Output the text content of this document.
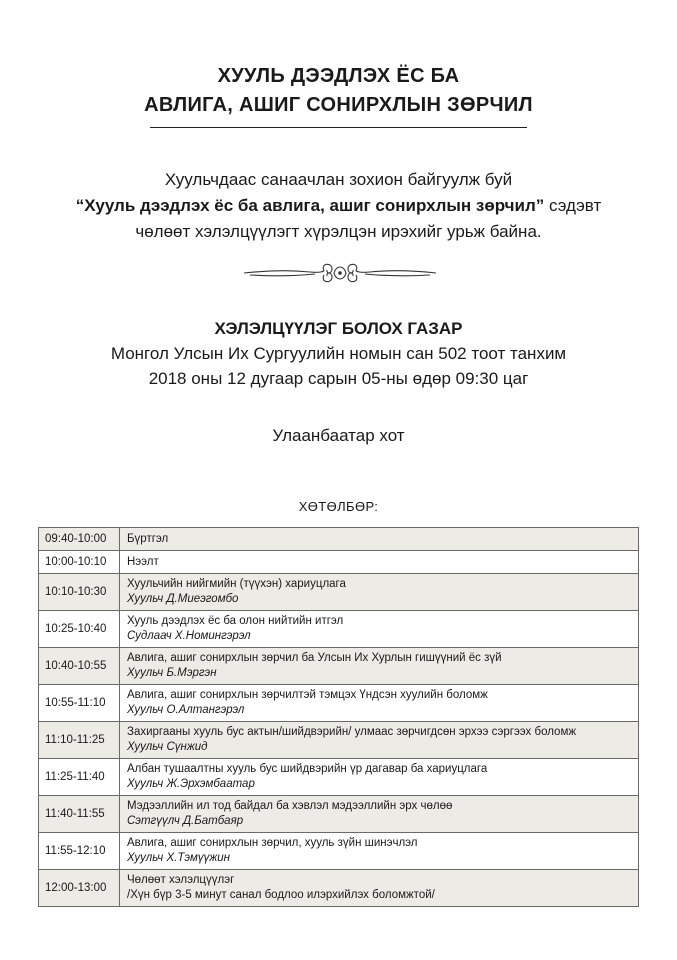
ХУУЛЬ ДЭЭДЛЭХ ЁС БА
АВЛИГА, АШИГ СОНИРХЛЫН ЗӨРЧИЛ
Хуульчдаас санаачлан зохион байгуулж буй
“Хууль дээдлэх ёс ба авлига, ашиг сонирхлын зөрчил” сэдэвт
чөлөөт хэлэлцүүлэгт хүрэлцэн ирэхийг урьж байна.
ХЭЛЭЛЦҮҮЛЭГ БОЛОХ ГАЗАР
Монгол Улсын Их Сургуулийн номын сан 502 тоот танхим
2018 оны 12 дугаар сарын 05-ны өдөр 09:30 цаг
Улаанбаатар хот
ХӨТӨЛБӨР:
09:40-10:00	Бүртгэл
10:00-10:10	Нээлт
10:10-10:30	Хуульчийн нийгмийн (түүхэн) хариуцлага
Хуульч Д.Миеэгомбо

10:25-10:40	Хууль дээдлэх ёс ба олон нийтийн итгэл
Судлаач Х.Номингэрэл

10:40-10:55	Авлига, ашиг сонирхлын зөрчил ба Улсын Их Хурлын гишүүний ёс зүй
Хуульч Б.Мэргэн

10:55-11:10	Авлига, ашиг сонирхлын зөрчилтэй тэмцэх Үндсэн хуулийн боломж
Хуульч О.Алтангэрэл

11:10-11:25	Захиргааны хууль бус актын/шийдвэрийн/ улмаас зөрчигдсөн эрхээ сэргээх боломж
Хуульч Сүнжид

11:25-11:40	Албан тушаалтны хууль бус шийдвэрийн үр дагавар ба хариуцлага
Хуульч Ж.Эрхэмбаатар

11:40-11:55	Мэдээллийн ил тод байдал ба хэвлэл мэдээллийн эрх чөлөө
Сэтгүүлч Д.Батбаяр

11:55-12:10	Авлига, ашиг сонирхлын зөрчил, хууль зүйн шинэчлэл
Хуульч Х.Тэмүүжин

12:00-13:00	Чөлөөт хэлэлцүүлэг
/Хүн бүр 3-5 минут санал бодлоо илэрхийлэх боломжтой/
